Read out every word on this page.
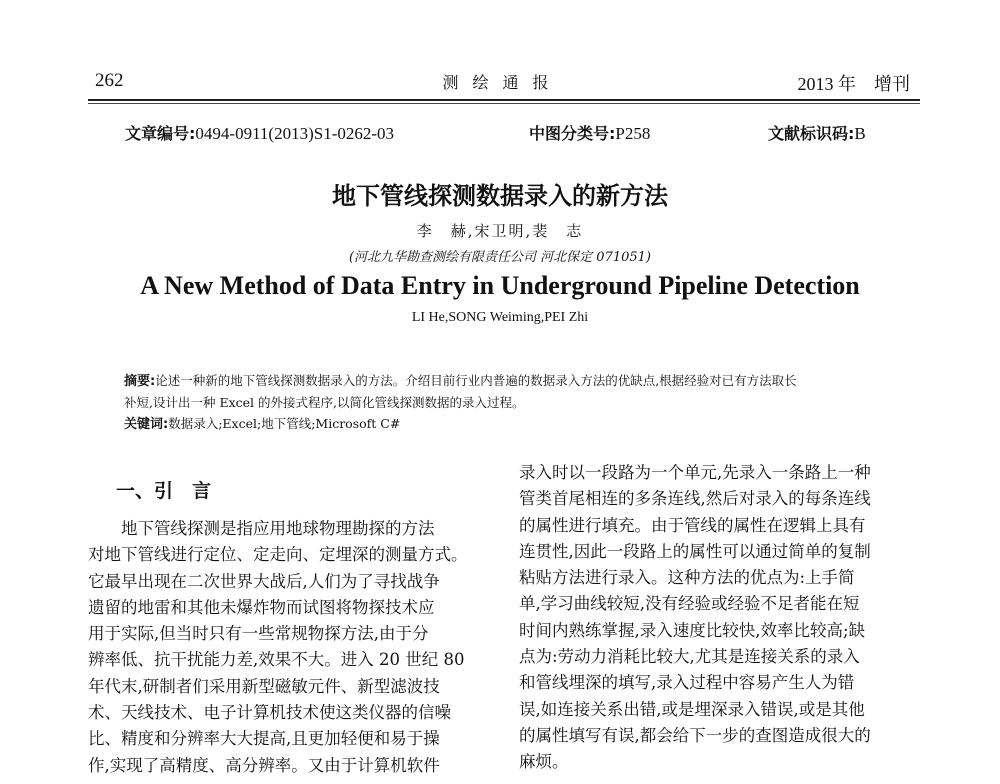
262	测绘通报	2013 年　增刊
文章编号:0494-0911(2013)S1-0262-03	中图分类号:P258	文献标识码:B
地下管线探测数据录入的新方法
李　赫,宋卫明,裴　志
(河北九华勘查测绘有限责任公司 河北保定 071051)
A New Method of Data Entry in Underground Pipeline Detection
LI He,SONG Weiming,PEI Zhi
摘要:论述一种新的地下管线探测数据录入的方法。介绍目前行业内普遍的数据录入方法的优缺点,根据经验对已有方法取长
补短,设计出一种 Excel 的外接式程序,以简化管线探测数据的录入过程。
关键词:数据录入;Excel;地下管线;Microsoft C#
一、引　言
地下管线探测是指应用地球物理勘探的方法
对地下管线进行定位、定走向、定埋深的测量方式。
它最早出现在二次世界大战后,人们为了寻找战争
遗留的地雷和其他未爆炸物而试图将物探技术应
用于实际,但当时只有一些常规物探方法,由于分
辨率低、抗干扰能力差,效果不大。进入 20 世纪 80
年代末,研制者们采用新型磁敏元件、新型滤波技
术、天线技术、电子计算机技术使这类仪器的信噪
比、精度和分辨率大大提高,且更加轻便和易于操
作,实现了高精度、高分辨率。又由于计算机软件
录入时以一段路为一个单元,先录入一条路上一种
管类首尾相连的多条连线,然后对录入的每条连线
的属性进行填充。由于管线的属性在逻辑上具有
连贯性,因此一段路上的属性可以通过简单的复制
粘贴方法进行录入。这种方法的优点为:上手简
单,学习曲线较短,没有经验或经验不足者能在短
时间内熟练掌握,录入速度比较快,效率比较高;缺
点为:劳动力消耗比较大,尤其是连接关系的录入
和管线埋深的填写,录入过程中容易产生人为错
误,如连接关系出错,或是埋深录入错误,或是其他
的属性填写有误,都会给下一步的查图造成很大的
麻烦。
